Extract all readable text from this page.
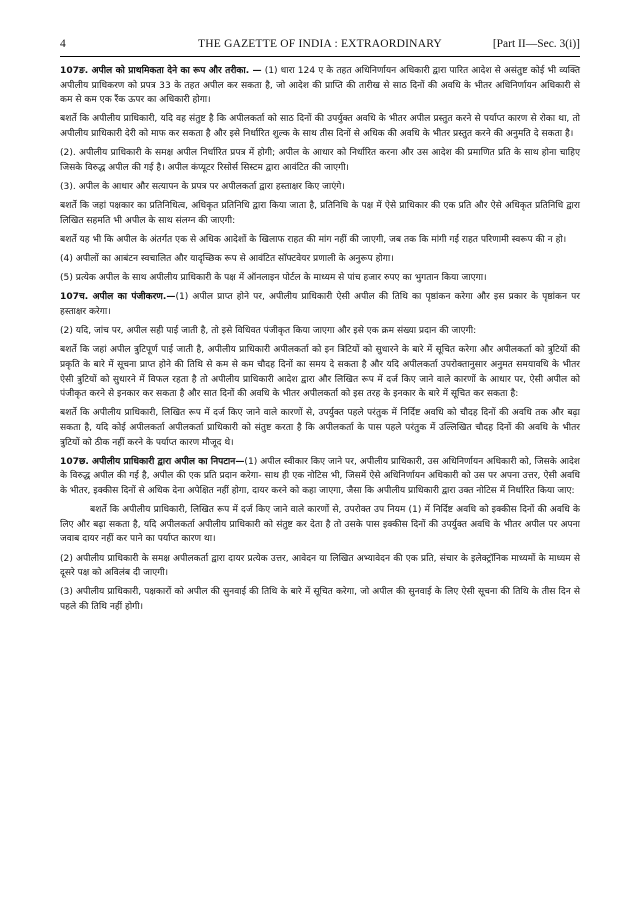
4	THE GAZETTE OF INDIA : EXTRAORDINARY	[Part II—Sec. 3(i)]

107ङ. अपील को प्राथमिकता देने का रूप और तरीका. — (1) धारा 124 ए के तहत अधिनिर्णायन अधिकारी द्वारा पारित आदेश से असंतुष्ट कोई भी व्यक्ति अपीलीय प्राधिकरण को प्रपत्र 33 के तहत अपील कर सकता है, जो आदेश की प्राप्ति की तारीख से साठ दिनों की अवधि के भीतर अधिनिर्णायन अधिकारी से कम से कम एक रैंक ऊपर का अधिकारी होगा।

बशर्ते कि अपीलीय प्राधिकारी, यदि वह संतुष्ट है कि अपीलकर्ता को साठ दिनों की उपर्युक्त अवधि के भीतर अपील प्रस्तुत करने से पर्याप्त कारण से रोका था, तो अपीलीय प्राधिकारी देरी को माफ कर सकता है और इसे निर्धारित शुल्क के साथ तीस दिनों से अधिक की अवधि के भीतर प्रस्तुत करने की अनुमति दे सकता है।

(2). अपीलीय प्राधिकारी के समक्ष अपील निर्धारित प्रपत्र में होगी; अपील के आधार को निर्धारित करना और उस आदेश की प्रमाणित प्रति के साथ होना चाहिए जिसके विरुद्ध अपील की गई है। अपील कंप्यूटर रिसोर्स सिस्टम द्वारा आवंटित की जाएगी।

(3). अपील के आधार और सत्यापन के प्रपत्र पर अपीलकर्ता द्वारा हस्ताक्षर किए जाएंगे।

बशर्ते कि जहां पक्षकार का प्रतिनिधित्व, अधिकृत प्रतिनिधि द्वारा किया जाता है, प्रतिनिधि के पक्ष में ऐसे प्राधिकार की एक प्रति और ऐसे अधिकृत प्रतिनिधि द्वारा लिखित सहमति भी अपील के साथ संलग्न की जाएगी:

बशर्ते यह भी कि अपील के अंतर्गत एक से अधिक आदेशों के खिलाफ राहत की मांग नहीं की जाएगी, जब तक कि मांगी गई राहत परिणामी स्वरूप की न हो।

(4) अपीलों का आबंटन स्वचालित और यादृच्छिक रूप से आवंटित सॉफ्टवेयर प्रणाली के अनुरूप होगा।

(5) प्रत्येक अपील के साथ अपीलीय प्राधिकारी के पक्ष में ऑनलाइन पोर्टल के माध्यम से पांच हजार रुपए का भुगतान किया जाएगा।

107च. अपील का पंजीकरण.—(1) अपील प्राप्त होने पर, अपीलीय प्राधिकारी ऐसी अपील की तिथि का पृष्ठांकन करेगा और इस प्रकार के पृष्ठांकन पर हस्ताक्षर करेगा।

(2) यदि, जांच पर, अपील सही पाई जाती है, तो इसे विधिवत पंजीकृत किया जाएगा और इसे एक क्रम संख्या प्रदान की जाएगी:

बशर्ते कि जहां अपील त्रुटिपूर्ण पाई जाती है, अपीलीय प्राधिकारी अपीलकर्ता को इन त्रिटियों को सुधारने के बारे में सूचित करेगा और अपीलकर्ता को त्रुटियों की प्रकृति के बारे में सूचना प्राप्त होने की तिथि से कम से कम चौदह दिनों का समय दे सकता है और यदि अपीलकर्ता उपरोक्तानुसार अनुमत समयावधि के भीतर ऐसी त्रुटियों को सुधारने में विफल रहता है तो अपीलीय प्राधिकारी आदेश द्वारा और लिखित रूप में दर्ज किए जाने वाले कारणों के आधार पर, ऐसी अपील को पंजीकृत करने से इनकार कर सकता है और सात दिनों की अवधि के भीतर अपीलकर्ता को इस तरह के इनकार के बारे में सूचित कर सकता है:

बशर्ते कि अपीलीय प्राधिकारी, लिखित रूप में दर्ज किए जाने वाले कारणों से, उपर्युक्त पहले परंतुक में निर्दिष्ट अवधि को चौदह दिनों की अवधि तक और बढ़ा सकता है, यदि कोई अपीलकर्ता अपीलकर्ता प्राधिकारी को संतुष्ट करता है कि अपीलकर्ता के पास पहले परंतुक में उल्लिखित चौदह दिनों की अवधि के भीतर त्रुटियों को ठीक नहीं करने के पर्याप्त कारण मौजूद थे।

107छ. अपीलीय प्राधिकारी द्वारा अपील का निपटान—(1) अपील स्वीकार किए जाने पर, अपीलीय प्राधिकारी, उस अधिनिर्णायन अधिकारी को, जिसके आदेश के विरुद्ध अपील की गई है, अपील की एक प्रति प्रदान करेगा- साथ ही एक नोटिस भी, जिसमें ऐसे अधिनिर्णायन अधिकारी को उस पर अपना उत्तर, ऐसी अवधि के भीतर, इक्कीस दिनों से अधिक देना अपेक्षित नहीं होगा, दायर करने को कहा जाएगा, जैसा कि अपीलीय प्राधिकारी द्वारा उक्त नोटिस में निर्धारित किया जाए:

बशर्ते कि अपीलीय प्राधिकारी, लिखित रूप में दर्ज किए जाने वाले कारणों से, उपरोक्त उप नियम (1) में निर्दिष्ट अवधि को इक्कीस दिनों की अवधि के लिए और बढ़ा सकता है, यदि अपीलकर्ता अपीलीय प्राधिकारी को संतुष्ट कर देता है तो उसके पास इक्कीस दिनों की उपर्युक्त अवधि के भीतर अपील पर अपना जवाब दायर नहीं कर पाने का पर्याप्त कारण था।

(2) अपीलीय प्राधिकारी के समक्ष अपीलकर्ता द्वारा दायर प्रत्येक उत्तर, आवेदन या लिखित अभ्यावेदन की एक प्रति, संचार के इलेक्ट्रॉनिक माध्यमों के माध्यम से दूसरे पक्ष को अविलंब दी जाएगी।

(3) अपीलीय प्राधिकारी, पक्षकारों को अपील की सुनवाई की तिथि के बारे में सूचित करेगा, जो अपील की सुनवाई के लिए ऐसी सूचना की तिथि के तीस दिन से पहले की तिथि नहीं होगी।
